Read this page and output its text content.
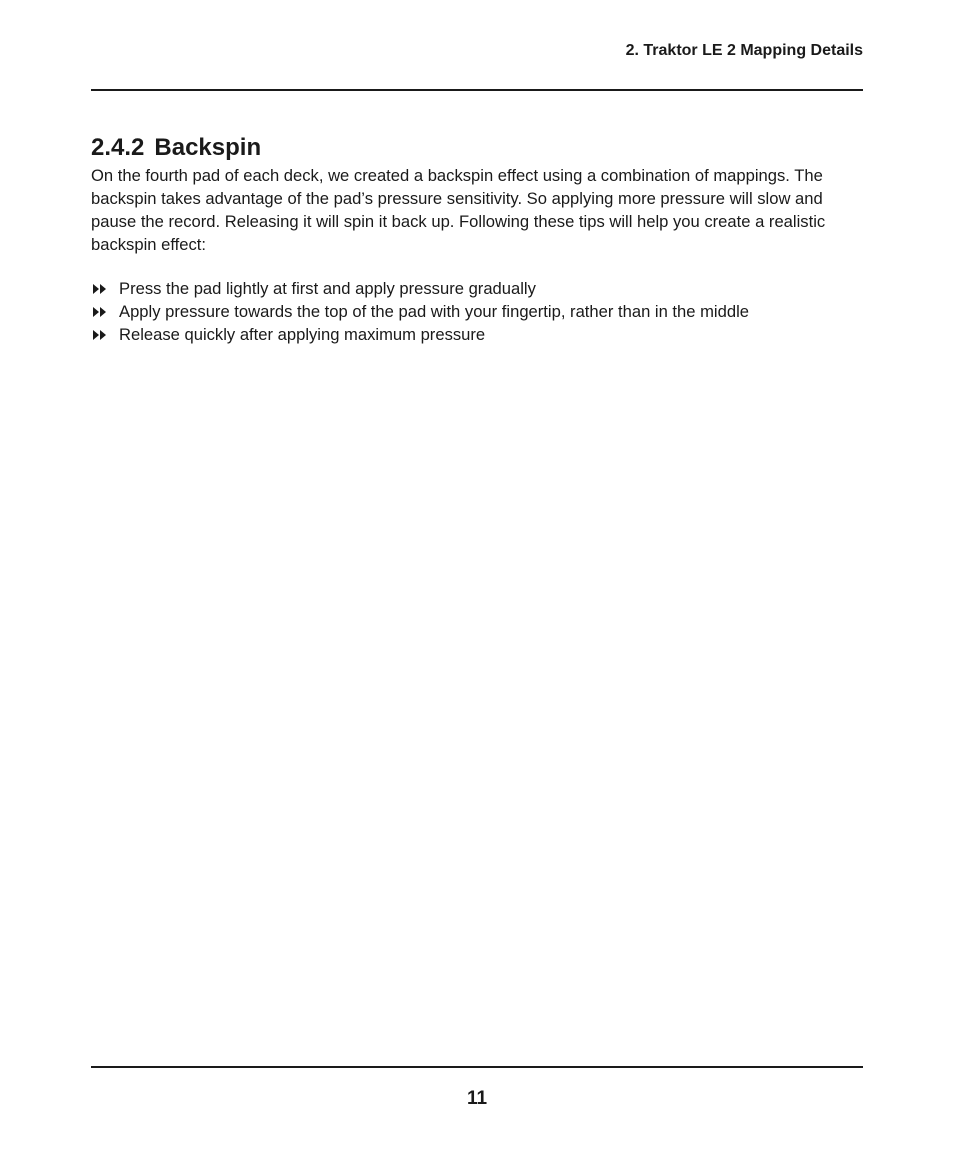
2. Traktor LE 2 Mapping Details
2.4.2 Backspin

On the fourth pad of each deck, we created a backspin effect using a combination of mappings. The backspin takes advantage of the pad’s pressure sensitivity. So applying more pressure will slow and pause the record. Releasing it will spin it back up. Following these tips will help you create a realistic backspin effect:

Press the pad lightly at first and apply pressure gradually
Apply pressure towards the top of the pad with your fingertip, rather than in the middle
Release quickly after applying maximum pressure
11
